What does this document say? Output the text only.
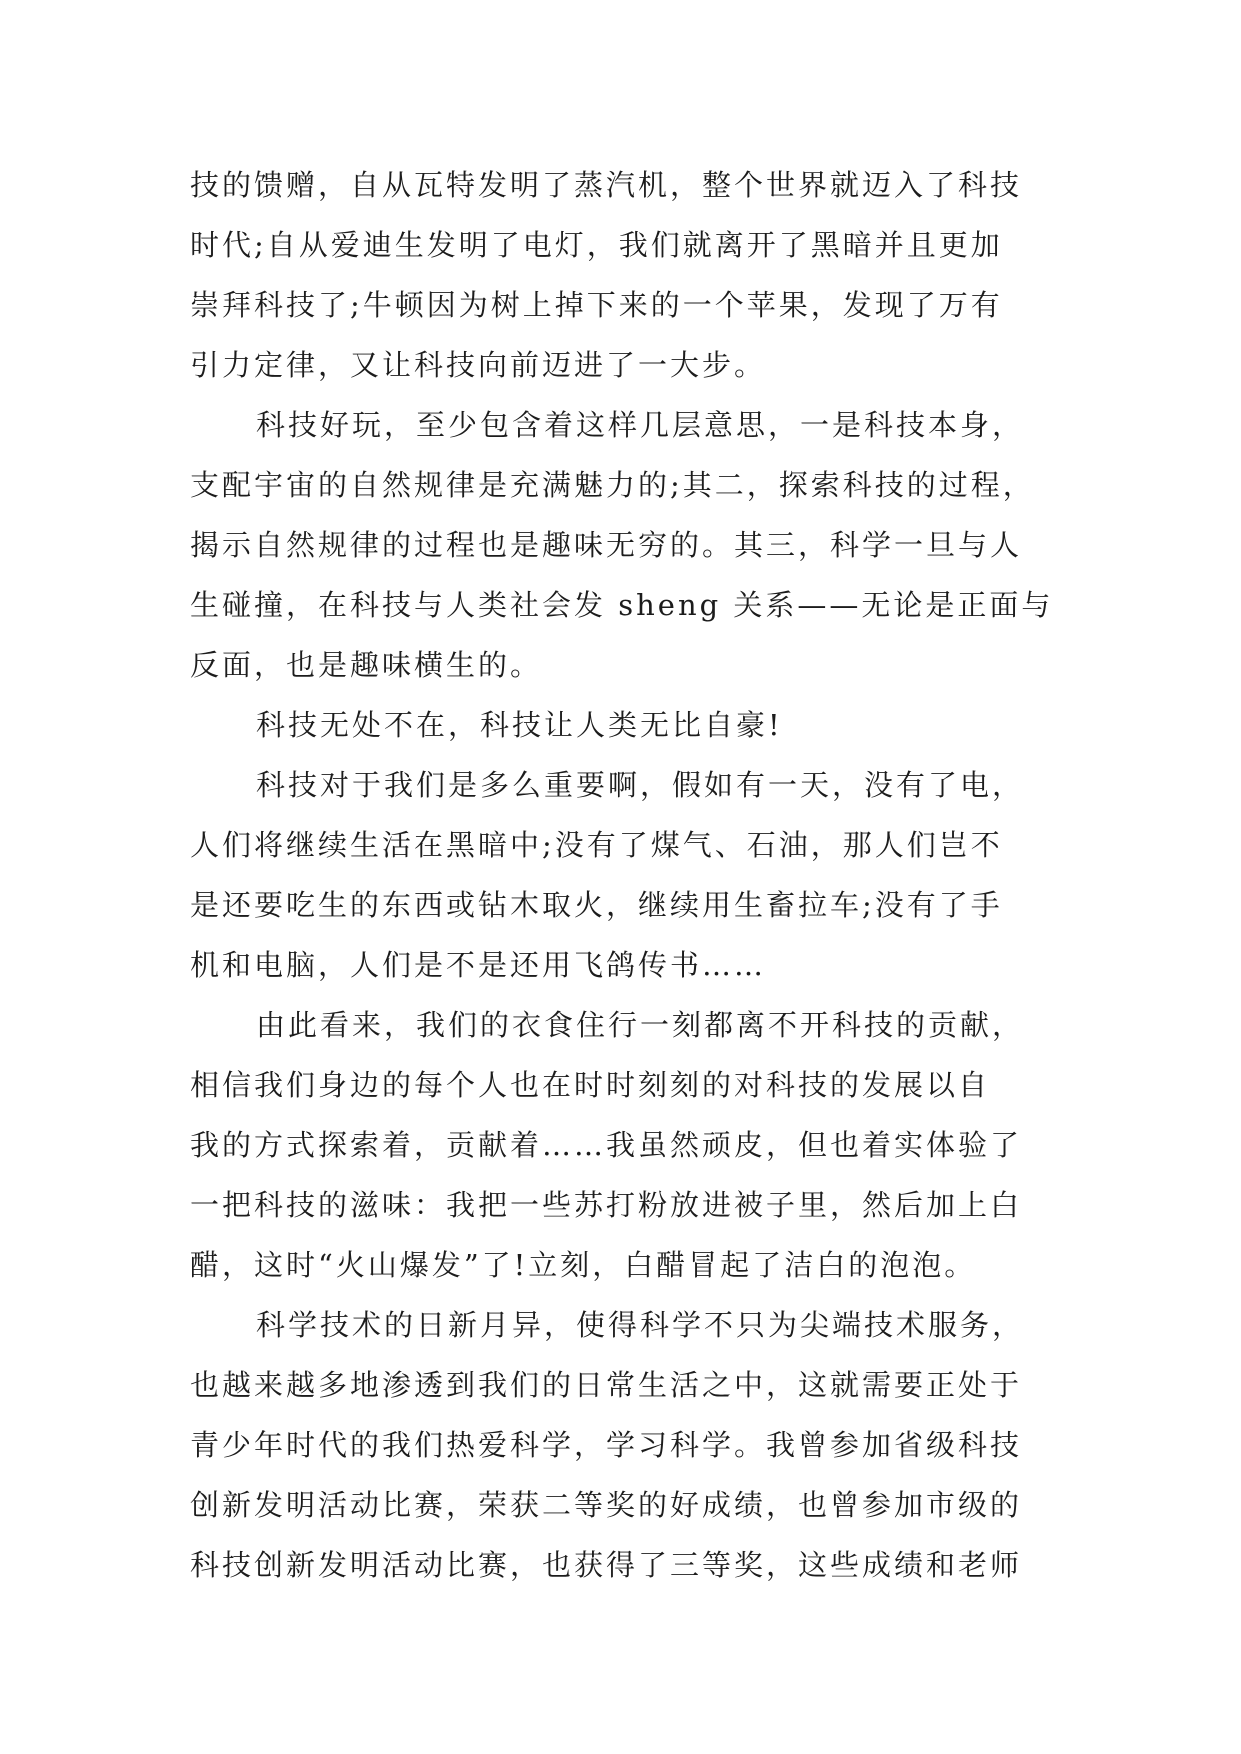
技的馈赠，自从瓦特发明了蒸汽机，整个世界就迈入了科技
时代;自从爱迪生发明了电灯，我们就离开了黑暗并且更加
崇拜科技了;牛顿因为树上掉下来的一个苹果，发现了万有
引力定律，又让科技向前迈进了一大步。
科技好玩，至少包含着这样几层意思，一是科技本身，
支配宇宙的自然规律是充满魅力的;其二，探索科技的过程，
揭示自然规律的过程也是趣味无穷的。其三，科学一旦与人
生碰撞，在科技与人类社会发 sheng 关系——无论是正面与
反面，也是趣味横生的。
科技无处不在，科技让人类无比自豪!
科技对于我们是多么重要啊，假如有一天，没有了电，
人们将继续生活在黑暗中;没有了煤气、石油，那人们岂不
是还要吃生的东西或钻木取火，继续用生畜拉车;没有了手
机和电脑，人们是不是还用飞鸽传书……
由此看来，我们的衣食住行一刻都离不开科技的贡献，
相信我们身边的每个人也在时时刻刻的对科技的发展以自
我的方式探索着，贡献着……我虽然顽皮，但也着实体验了
一把科技的滋味：我把一些苏打粉放进被子里，然后加上白
醋，这时“火山爆发”了!立刻，白醋冒起了洁白的泡泡。
科学技术的日新月异，使得科学不只为尖端技术服务，
也越来越多地渗透到我们的日常生活之中，这就需要正处于
青少年时代的我们热爱科学，学习科学。我曾参加省级科技
创新发明活动比赛，荣获二等奖的好成绩，也曾参加市级的
科技创新发明活动比赛，也获得了三等奖，这些成绩和老师
